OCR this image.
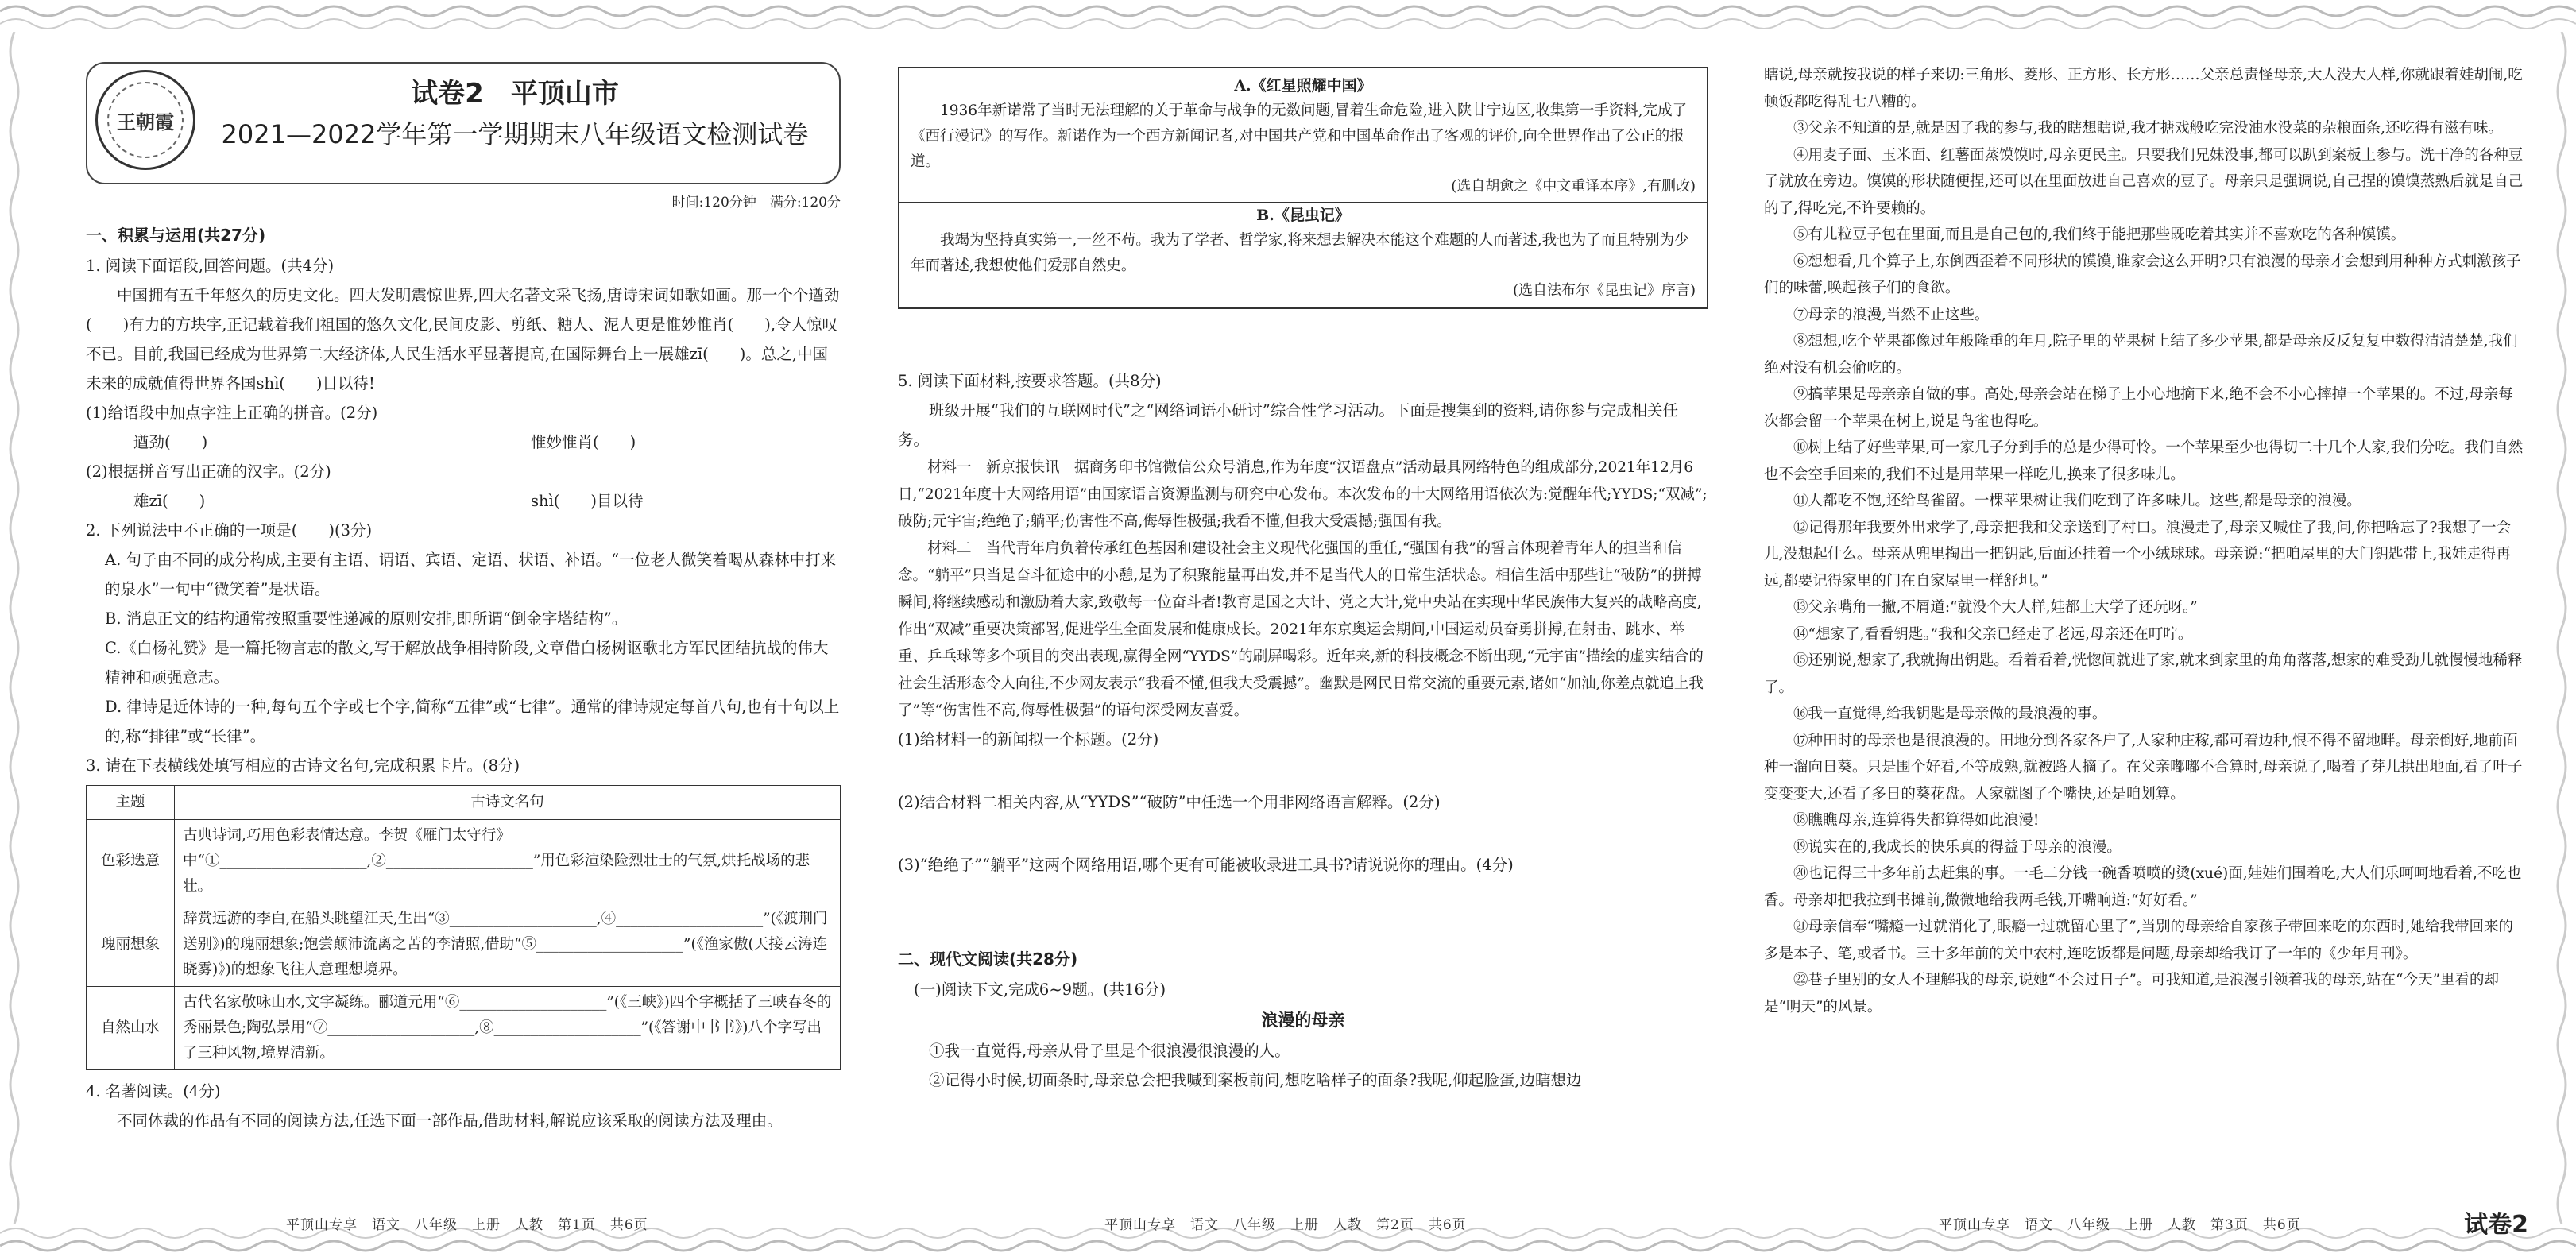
王朝霞
试卷2　平顶山市
2021—2022学年第一学期期末八年级语文检测试卷

时间:120分钟　满分:120分

一、积累与运用(共27分)

1. 阅读下面语段,回答问题。(共4分)

中国拥有五千年悠久的历史文化。四大发明震惊世界,四大名著文采飞扬,唐诗宋词如歌如画。那一个个遒劲(　　)有力的方块字,正记载着我们祖国的悠久文化,民间皮影、剪纸、糖人、泥人更是惟妙惟肖(　　),令人惊叹不已。目前,我国已经成为世界第二大经济体,人民生活水平显著提高,在国际舞台上一展雄zī(　　)。总之,中国未来的成就值得世界各国shì(　　)目以待!

(1)给语段中加点字注上正确的拼音。(2分)

遒劲(　　)	惟妙惟肖(　　)

(2)根据拼音写出正确的汉字。(2分)

雄zī(　　)	shì(　　)目以待

2. 下列说法中不正确的一项是(　　)(3分)

A. 句子由不同的成分构成,主要有主语、谓语、宾语、定语、状语、补语。“一位老人微笑着喝从森林中打来的泉水”一句中“微笑着”是状语。

B. 消息正文的结构通常按照重要性递减的原则安排,即所谓“倒金字塔结构”。

C.《白杨礼赞》是一篇托物言志的散文,写于解放战争相持阶段,文章借白杨树讴歌北方军民团结抗战的伟大精神和顽强意志。

D. 律诗是近体诗的一种,每句五个字或七个字,简称“五律”或“七律”。通常的律诗规定每首八句,也有十句以上的,称“排律”或“长律”。

3. 请在下表横线处填写相应的古诗文名句,完成积累卡片。(8分)

主题	古诗文名句
色彩迭意	古典诗词,巧用色彩表情达意。李贺《雁门太守行》中“①____________________,②____________________”用色彩渲染险烈壮士的气氛,烘托战场的悲壮。
瑰丽想象	辞赏远游的李白,在船头眺望江天,生出“③____________________,④____________________”(《渡荆门送别》)的瑰丽想象;饱尝颠沛流离之苦的李清照,借助“⑤____________________”(《渔家傲(天接云涛连晓雾)》)的想象飞往人意理想境界。
自然山水	古代名家敬咏山水,文字凝练。郦道元用“⑥____________________”(《三峡》)四个字概括了三峡春冬的秀丽景色;陶弘景用“⑦____________________,⑧____________________”(《答谢中书书》)八个字写出了三种风物,境界清新。

4. 名著阅读。(4分)

不同体裁的作品有不同的阅读方法,任选下面一部作品,借助材料,解说应该采取的阅读方法及理由。

A.《红星照耀中国》

1936年新诺常了当时无法理解的关于革命与战争的无数问题,冒着生命危险,进入陕甘宁边区,收集第一手资料,完成了《西行漫记》的写作。新诺作为一个西方新闻记者,对中国共产党和中国革命作出了客观的评价,向全世界作出了公正的报道。

(选自胡愈之《中文重译本序》,有删改)

B.《昆虫记》

我竭为坚持真实第一,一丝不苟。我为了学者、哲学家,将来想去解决本能这个难题的人而著述,我也为了而且特别为少年而著述,我想使他们爱那自然史。

(选自法布尔《昆虫记》序言)

5. 阅读下面材料,按要求答题。(共8分)

班级开展“我们的互联网时代”之“网络词语小研讨”综合性学习活动。下面是搜集到的资料,请你参与完成相关任务。

材料一　新京报快讯　据商务印书馆微信公众号消息,作为年度“汉语盘点”活动最具网络特色的组成部分,2021年12月6日,“2021年度十大网络用语”由国家语言资源监测与研究中心发布。本次发布的十大网络用语依次为:觉醒年代;YYDS;“双减”;破防;元宇宙;绝绝子;躺平;伤害性不高,侮辱性极强;我看不懂,但我大受震撼;强国有我。

材料二　当代青年肩负着传承红色基因和建设社会主义现代化强国的重任,“强国有我”的誓言体现着青年人的担当和信念。“躺平”只当是奋斗征途中的小憩,是为了积聚能量再出发,并不是当代人的日常生活状态。相信生活中那些让“破防”的拼搏瞬间,将继续感动和激励着大家,致敬每一位奋斗者!教育是国之大计、党之大计,党中央站在实现中华民族伟大复兴的战略高度,作出“双减”重要决策部署,促进学生全面发展和健康成长。2021年东京奥运会期间,中国运动员奋勇拼搏,在射击、跳水、举重、乒乓球等多个项目的突出表现,赢得全网“YYDS”的刷屏喝彩。近年来,新的科技概念不断出现,“元宇宙”描绘的虚实结合的社会生活形态令人向往,不少网友表示“我看不懂,但我大受震撼”。幽默是网民日常交流的重要元素,诸如“加油,你差点就追上我了”等“伤害性不高,侮辱性极强”的语句深受网友喜爱。

(1)给材料一的新闻拟一个标题。(2分)

(2)结合材料二相关内容,从“YYDS”“破防”中任选一个用非网络语言解释。(2分)

(3)“绝绝子”“躺平”这两个网络用语,哪个更有可能被收录进工具书?请说说你的理由。(4分)

二、现代文阅读(共28分)

(一)阅读下文,完成6~9题。(共16分)

浪漫的母亲

①我一直觉得,母亲从骨子里是个很浪漫很浪漫的人。

②记得小时候,切面条时,母亲总会把我喊到案板前问,想吃啥样子的面条?我呢,仰起脸蛋,边瞎想边

瞎说,母亲就按我说的样子来切:三角形、菱形、正方形、长方形……父亲总责怪母亲,大人没大人样,你就跟着娃胡闹,吃顿饭都吃得乱七八糟的。

③父亲不知道的是,就是因了我的参与,我的瞎想瞎说,我才搪戏般吃完没油水没菜的杂粮面条,还吃得有滋有味。

④用麦子面、玉米面、红薯面蒸馍馍时,母亲更民主。只要我们兄妹没事,都可以趴到案板上参与。洗干净的各种豆子就放在旁边。馍馍的形状随便捏,还可以在里面放进自己喜欢的豆子。母亲只是强调说,自己捏的馍馍蒸熟后就是自己的了,得吃完,不许要赖的。

⑤有儿粒豆子包在里面,而且是自己包的,我们终于能把那些既吃着其实并不喜欢吃的各种馍馍。

⑥想想看,几个算子上,东倒西歪着不同形状的馍馍,谁家会这么开明?只有浪漫的母亲才会想到用种种方式刺激孩子们的味蕾,唤起孩子们的食欲。

⑦母亲的浪漫,当然不止这些。

⑧想想,吃个苹果都像过年般隆重的年月,院子里的苹果树上结了多少苹果,都是母亲反反复复中数得清清楚楚,我们绝对没有机会偷吃的。

⑨搞苹果是母亲亲自做的事。高处,母亲会站在梯子上小心地摘下来,绝不会不小心摔掉一个苹果的。不过,母亲每次都会留一个苹果在树上,说是鸟雀也得吃。

⑩树上结了好些苹果,可一家几子分到手的总是少得可怜。一个苹果至少也得切二十几个人家,我们分吃。我们自然也不会空手回来的,我们不过是用苹果一样吃儿,换来了很多味儿。

⑪人都吃不饱,还给鸟雀留。一棵苹果树让我们吃到了许多味儿。这些,都是母亲的浪漫。

⑫记得那年我要外出求学了,母亲把我和父亲送到了村口。浪漫走了,母亲又喊住了我,问,你把啥忘了?我想了一会儿,没想起什么。母亲从兜里掏出一把钥匙,后面还挂着一个小绒球球。母亲说:“把咱屋里的大门钥匙带上,我娃走得再远,都要记得家里的门在自家屋里一样舒坦。”

⑬父亲嘴角一撇,不屑道:“就没个大人样,娃都上大学了还玩呀。”

⑭“想家了,看看钥匙。”我和父亲已经走了老远,母亲还在叮咛。

⑮还别说,想家了,我就掏出钥匙。看着看着,恍惚间就进了家,就来到家里的角角落落,想家的难受劲儿就慢慢地稀释了。

⑯我一直觉得,给我钥匙是母亲做的最浪漫的事。

⑰种田时的母亲也是很浪漫的。田地分到各家各户了,人家种庄稼,都可着边种,恨不得不留地畔。母亲倒好,地前面种一溜向日葵。只是围个好看,不等成熟,就被路人摘了。在父亲嘟嘟不合算时,母亲说了,喝着了芽儿拱出地面,看了叶子变变变大,还看了多日的葵花盘。人家就图了个嘴快,还是咱划算。

⑱瞧瞧母亲,连算得失都算得如此浪漫!

⑲说实在的,我成长的快乐真的得益于母亲的浪漫。

⑳也记得三十多年前去赶集的事。一毛二分钱一碗香喷喷的烫(xué)面,娃娃们围着吃,大人们乐呵呵地看着,不吃也香。母亲却把我拉到书摊前,微微地给我两毛钱,开嘴响道:“好好看。”

㉑母亲信奉“嘴瘾一过就消化了,眼瘾一过就留心里了”,当别的母亲给自家孩子带回来吃的东西时,她给我带回来的多是本子、笔,或者书。三十多年前的关中农村,连吃饭都是问题,母亲却给我订了一年的《少年月刊》。

㉒巷子里别的女人不理解我的母亲,说她“不会过日子”。可我知道,是浪漫引领着我的母亲,站在“今天”里看的却是“明天”的风景。

平顶山专享　语文　八年级　上册　人教　第1页　共6页	平顶山专享　语文　八年级　上册　人教　第2页　共6页	平顶山专享　语文　八年级　上册　人教　第3页　共6页	试卷2
